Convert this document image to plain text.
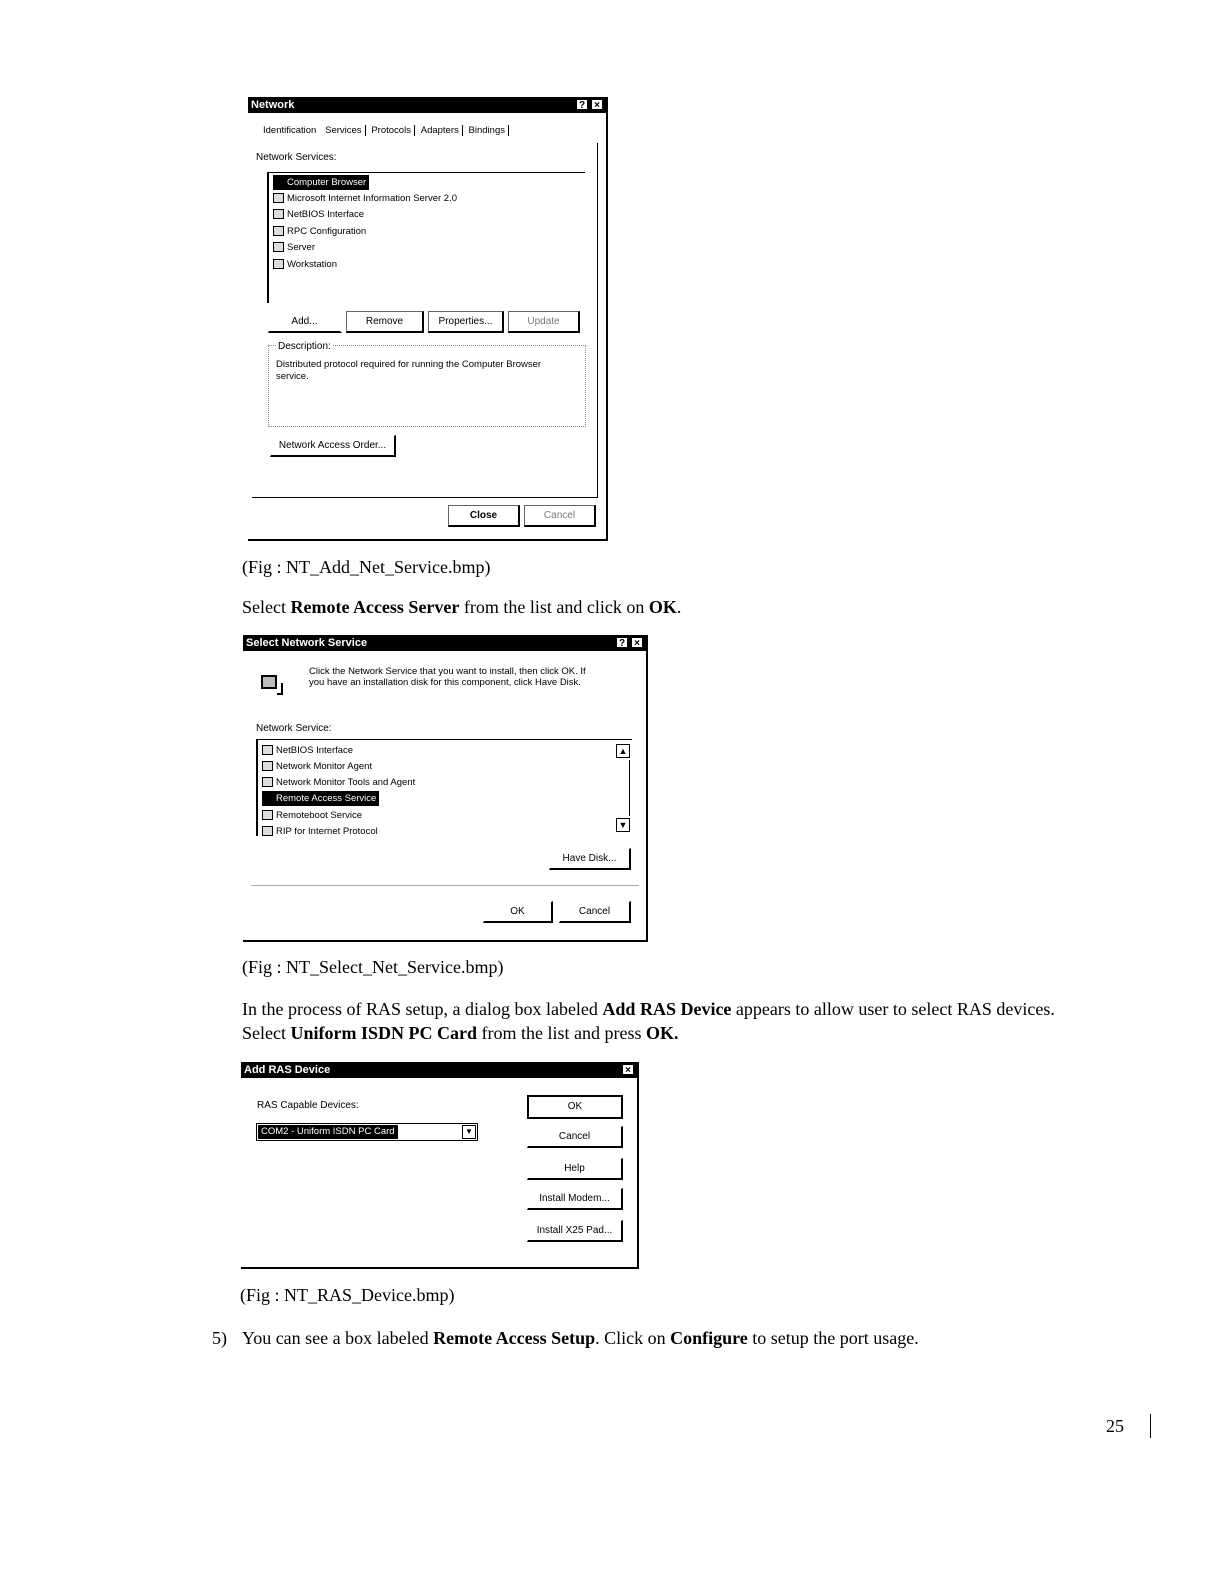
Network	? ×
Identification Services Protocols Adapters Bindings
Network Services:
Computer Browser
Microsoft Internet Information Server 2.0
NetBIOS Interface
RPC Configuration
Server
Workstation
Add...	Remove	Properties...	Update
Description:
Distributed protocol required for running the Computer Browser service.
Network Access Order...
Close	Cancel
(Fig : NT_Add_Net_Service.bmp)
Select Remote Access Server from the list and click on OK.
Select Network Service	? ×
Click the Network Service that you want to install, then click OK. If
you have an installation disk for this component, click Have Disk.
Network Service:
NetBIOS Interface
Network Monitor Agent
Network Monitor Tools and Agent
Remote Access Service
Remoteboot Service
RIP for Internet Protocol
▲
▼
Have Disk...
OK	Cancel
(Fig : NT_Select_Net_Service.bmp)
In the process of RAS setup, a dialog box labeled Add RAS Device appears to allow user to select RAS devices.
Select Uniform ISDN PC Card from the list and press OK.
Add RAS Device	×
RAS Capable Devices:
COM2 - Uniform ISDN PC Card	▼
OK
Cancel
Help
Install Modem...
Install X25 Pad...
(Fig : NT_RAS_Device.bmp)
5) You can see a box labeled Remote Access Setup. Click on Configure to setup the port usage.
25
